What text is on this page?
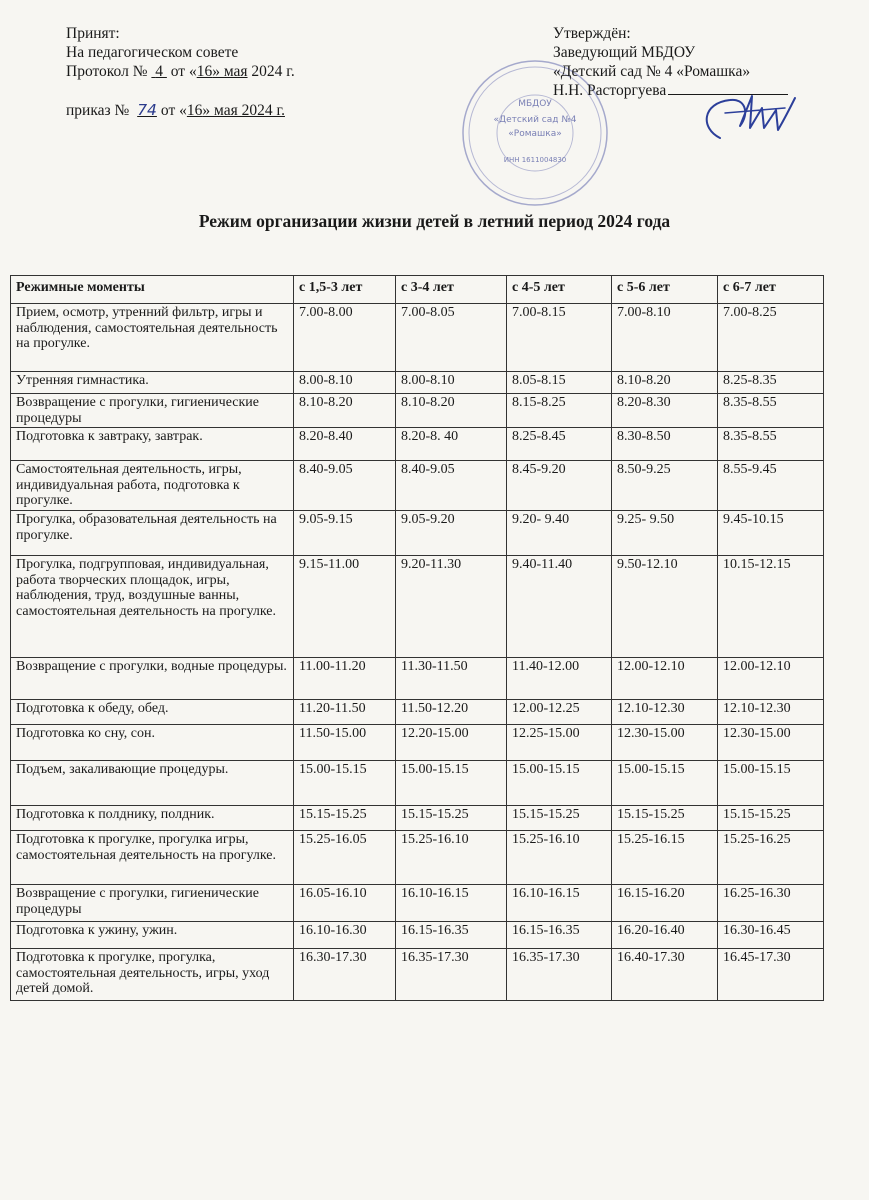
Принят:
На педагогическом совете
Протокол № 4 от «16» мая 2024 г.
приказ № 74 от «16» мая 2024 г.	МБДОУ
«Детский сад №4
«Ромашка»
ИНН 1611004830
Утверждён:
Заведующий МБДОУ
«Детский сад № 4 «Ромашка»
Н.Н. Расторгуева
Режим организации жизни детей в летний период 2024 года
Режимные моменты	с 1,5-3 лет	с 3-4 лет	с 4-5 лет	с 5-6 лет	с 6-7 лет
Прием, осмотр, утренний фильтр, игры и наблюдения, самостоятельная деятельность на прогулке.	7.00-8.00	7.00-8.05	7.00-8.15	7.00-8.10	7.00-8.25
Утренняя гимнастика.	8.00-8.10	8.00-8.10	8.05-8.15	8.10-8.20	8.25-8.35
Возвращение с прогулки, гигиенические процедуры	8.10-8.20	8.10-8.20	8.15-8.25	8.20-8.30	8.35-8.55
Подготовка к завтраку, завтрак.	8.20-8.40	8.20-8. 40	8.25-8.45	8.30-8.50	8.35-8.55
Самостоятельная деятельность, игры, индивидуальная работа, подготовка к прогулке.	8.40-9.05	8.40-9.05	8.45-9.20	8.50-9.25	8.55-9.45
Прогулка, образовательная деятельность на прогулке.	9.05-9.15	9.05-9.20	9.20- 9.40	9.25- 9.50	9.45-10.15
Прогулка, подгрупповая, индивидуальная, работа творческих площадок, игры, наблюдения, труд, воздушные ванны, самостоятельная деятельность на прогулке.	9.15-11.00	9.20-11.30	9.40-11.40	9.50-12.10	10.15-12.15
Возвращение с прогулки, водные процедуры.	11.00-11.20	11.30-11.50	11.40-12.00	12.00-12.10	12.00-12.10
Подготовка к обеду, обед.	11.20-11.50	11.50-12.20	12.00-12.25	12.10-12.30	12.10-12.30
Подготовка ко сну, сон.	11.50-15.00	12.20-15.00	12.25-15.00	12.30-15.00	12.30-15.00
Подъем, закаливающие процедуры.	15.00-15.15	15.00-15.15	15.00-15.15	15.00-15.15	15.00-15.15
Подготовка к полднику, полдник.	15.15-15.25	15.15-15.25	15.15-15.25	15.15-15.25	15.15-15.25
Подготовка к прогулке, прогулка игры, самостоятельная деятельность на прогулке.	15.25-16.05	15.25-16.10	15.25-16.10	15.25-16.15	15.25-16.25
Возвращение с прогулки, гигиенические процедуры	16.05-16.10	16.10-16.15	16.10-16.15	16.15-16.20	16.25-16.30
Подготовка к ужину, ужин.	16.10-16.30	16.15-16.35	16.15-16.35	16.20-16.40	16.30-16.45
Подготовка к прогулке, прогулка, самостоятельная деятельность, игры, уход детей домой.	16.30-17.30	16.35-17.30	16.35-17.30	16.40-17.30	16.45-17.30
